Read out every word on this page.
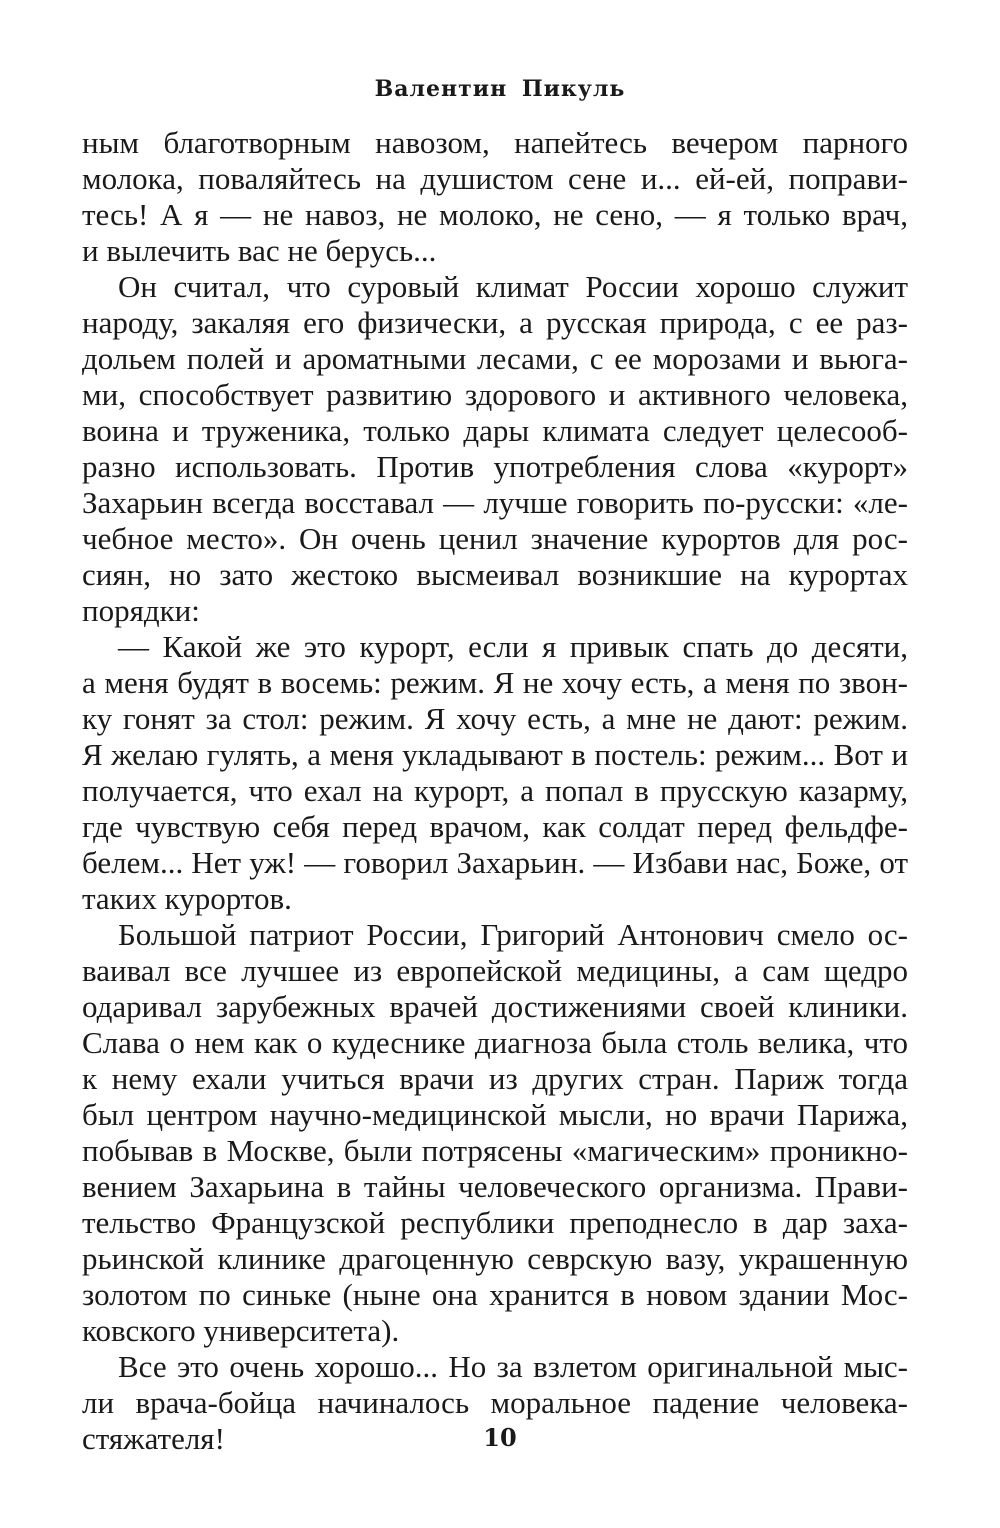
Валентин Пикуль
ным благотворным навозом, напейтесь вечером парного
молока, поваляйтесь на душистом сене и... ей-ей, поправи-
тесь! А я — не навоз, не молоко, не сено, — я только врач,
и вылечить вас не берусь...
Он считал, что суровый климат России хорошо служит
народу, закаляя его физически, а русская природа, с ее раз-
дольем полей и ароматными лесами, с ее морозами и вьюга-
ми, способствует развитию здорового и активного человека,
воина и труженика, только дары климата следует целесооб-
разно использовать. Против употребления слова «курорт»
Захарьин всегда восставал — лучше говорить по-русски: «ле-
чебное место». Он очень ценил значение курортов для рос-
сиян, но зато жестоко высмеивал возникшие на курортах
порядки:
— Какой же это курорт, если я привык спать до десяти,
а меня будят в восемь: режим. Я не хочу есть, а меня по звон-
ку гонят за стол: режим. Я хочу есть, а мне не дают: режим.
Я желаю гулять, а меня укладывают в постель: режим... Вот и
получается, что ехал на курорт, а попал в прусскую казарму,
где чувствую себя перед врачом, как солдат перед фельдфе-
белем... Нет уж! — говорил Захарьин. — Избави нас, Боже, от
таких курортов.
Большой патриот России, Григорий Антонович смело ос-
ваивал все лучшее из европейской медицины, а сам щедро
одаривал зарубежных врачей достижениями своей клиники.
Слава о нем как о кудеснике диагноза была столь велика, что
к нему ехали учиться врачи из других стран. Париж тогда
был центром научно-медицинской мысли, но врачи Парижа,
побывав в Москве, были потрясены «магическим» проникно-
вением Захарьина в тайны человеческого организма. Прави-
тельство Французской республики преподнесло в дар заха-
рьинской клинике драгоценную севрскую вазу, украшенную
золотом по синьке (ныне она хранится в новом здании Мос-
ковского университета).
Все это очень хорошо... Но за взлетом оригинальной мыс-
ли врача-бойца начиналось моральное падение человека-
стяжателя!	10
